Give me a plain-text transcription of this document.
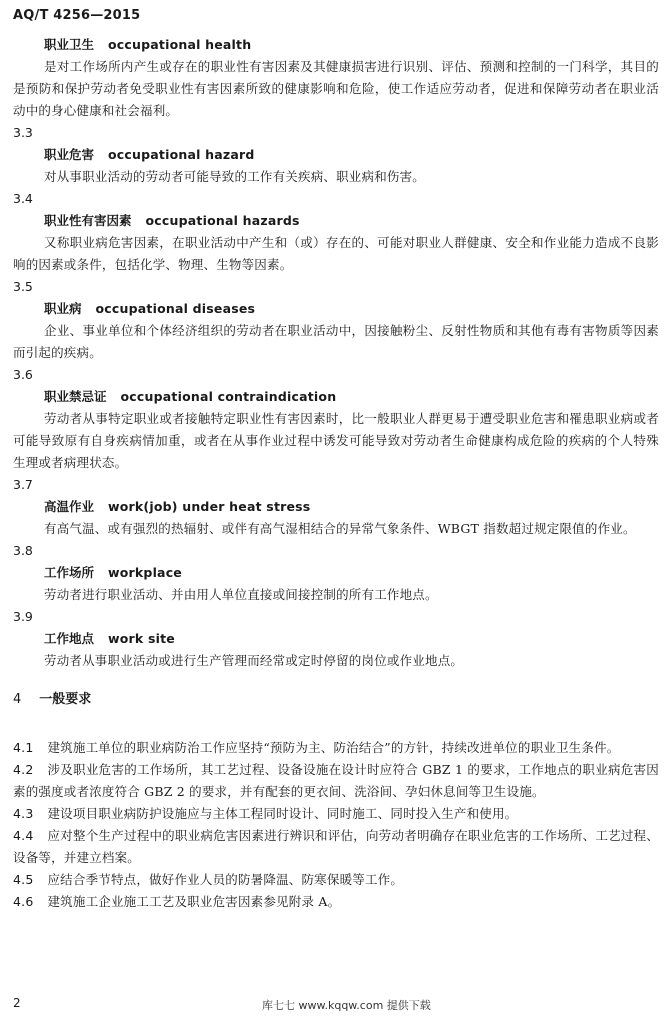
AQ/T 4256—2015
职业卫生 occupational health
是对工作场所内产生或存在的职业性有害因素及其健康损害进行识别、评估、预测和控制的一门科学，其目的是预防和保护劳动者免受职业性有害因素所致的健康影响和危险，使工作适应劳动者，促进和保障劳动者在职业活动中的身心健康和社会福利。
3.3
职业危害 occupational hazard
对从事职业活动的劳动者可能导致的工作有关疾病、职业病和伤害。
3.4
职业性有害因素 occupational hazards
又称职业病危害因素，在职业活动中产生和（或）存在的、可能对职业人群健康、安全和作业能力造成不良影响的因素或条件，包括化学、物理、生物等因素。
3.5
职业病 occupational diseases
企业、事业单位和个体经济组织的劳动者在职业活动中，因接触粉尘、反射性物质和其他有毒有害物质等因素而引起的疾病。
3.6
职业禁忌证 occupational contraindication
劳动者从事特定职业或者接触特定职业性有害因素时，比一般职业人群更易于遭受职业危害和罹患职业病或者可能导致原有自身疾病情加重，或者在从事作业过程中诱发可能导致对劳动者生命健康构成危险的疾病的个人特殊生理或者病理状态。
3.7
高温作业 work(job) under heat stress
有高气温、或有强烈的热辐射、或伴有高气湿相结合的异常气象条件、WBGT 指数超过规定限值的作业。
3.8
工作场所 workplace
劳动者进行职业活动、并由用人单位直接或间接控制的所有工作地点。
3.9
工作地点 work site
劳动者从事职业活动或进行生产管理而经常或定时停留的岗位或作业地点。
4 一般要求
4.1 建筑施工单位的职业病防治工作应坚持“预防为主、防治结合”的方针，持续改进单位的职业卫生条件。
4.2 涉及职业危害的工作场所，其工艺过程、设备设施在设计时应符合 GBZ 1 的要求，工作地点的职业病危害因素的强度或者浓度符合 GBZ 2 的要求，并有配套的更衣间、洗浴间、孕妇休息间等卫生设施。
4.3 建设项目职业病防护设施应与主体工程同时设计、同时施工、同时投入生产和使用。
4.4 应对整个生产过程中的职业病危害因素进行辨识和评估，向劳动者明确存在职业危害的工作场所、工艺过程、设备等，并建立档案。
4.5 应结合季节特点，做好作业人员的防暑降温、防寒保暖等工作。
4.6 建筑施工企业施工工艺及职业危害因素参见附录 A。
2	库七七 www.kqqw.com 提供下载
